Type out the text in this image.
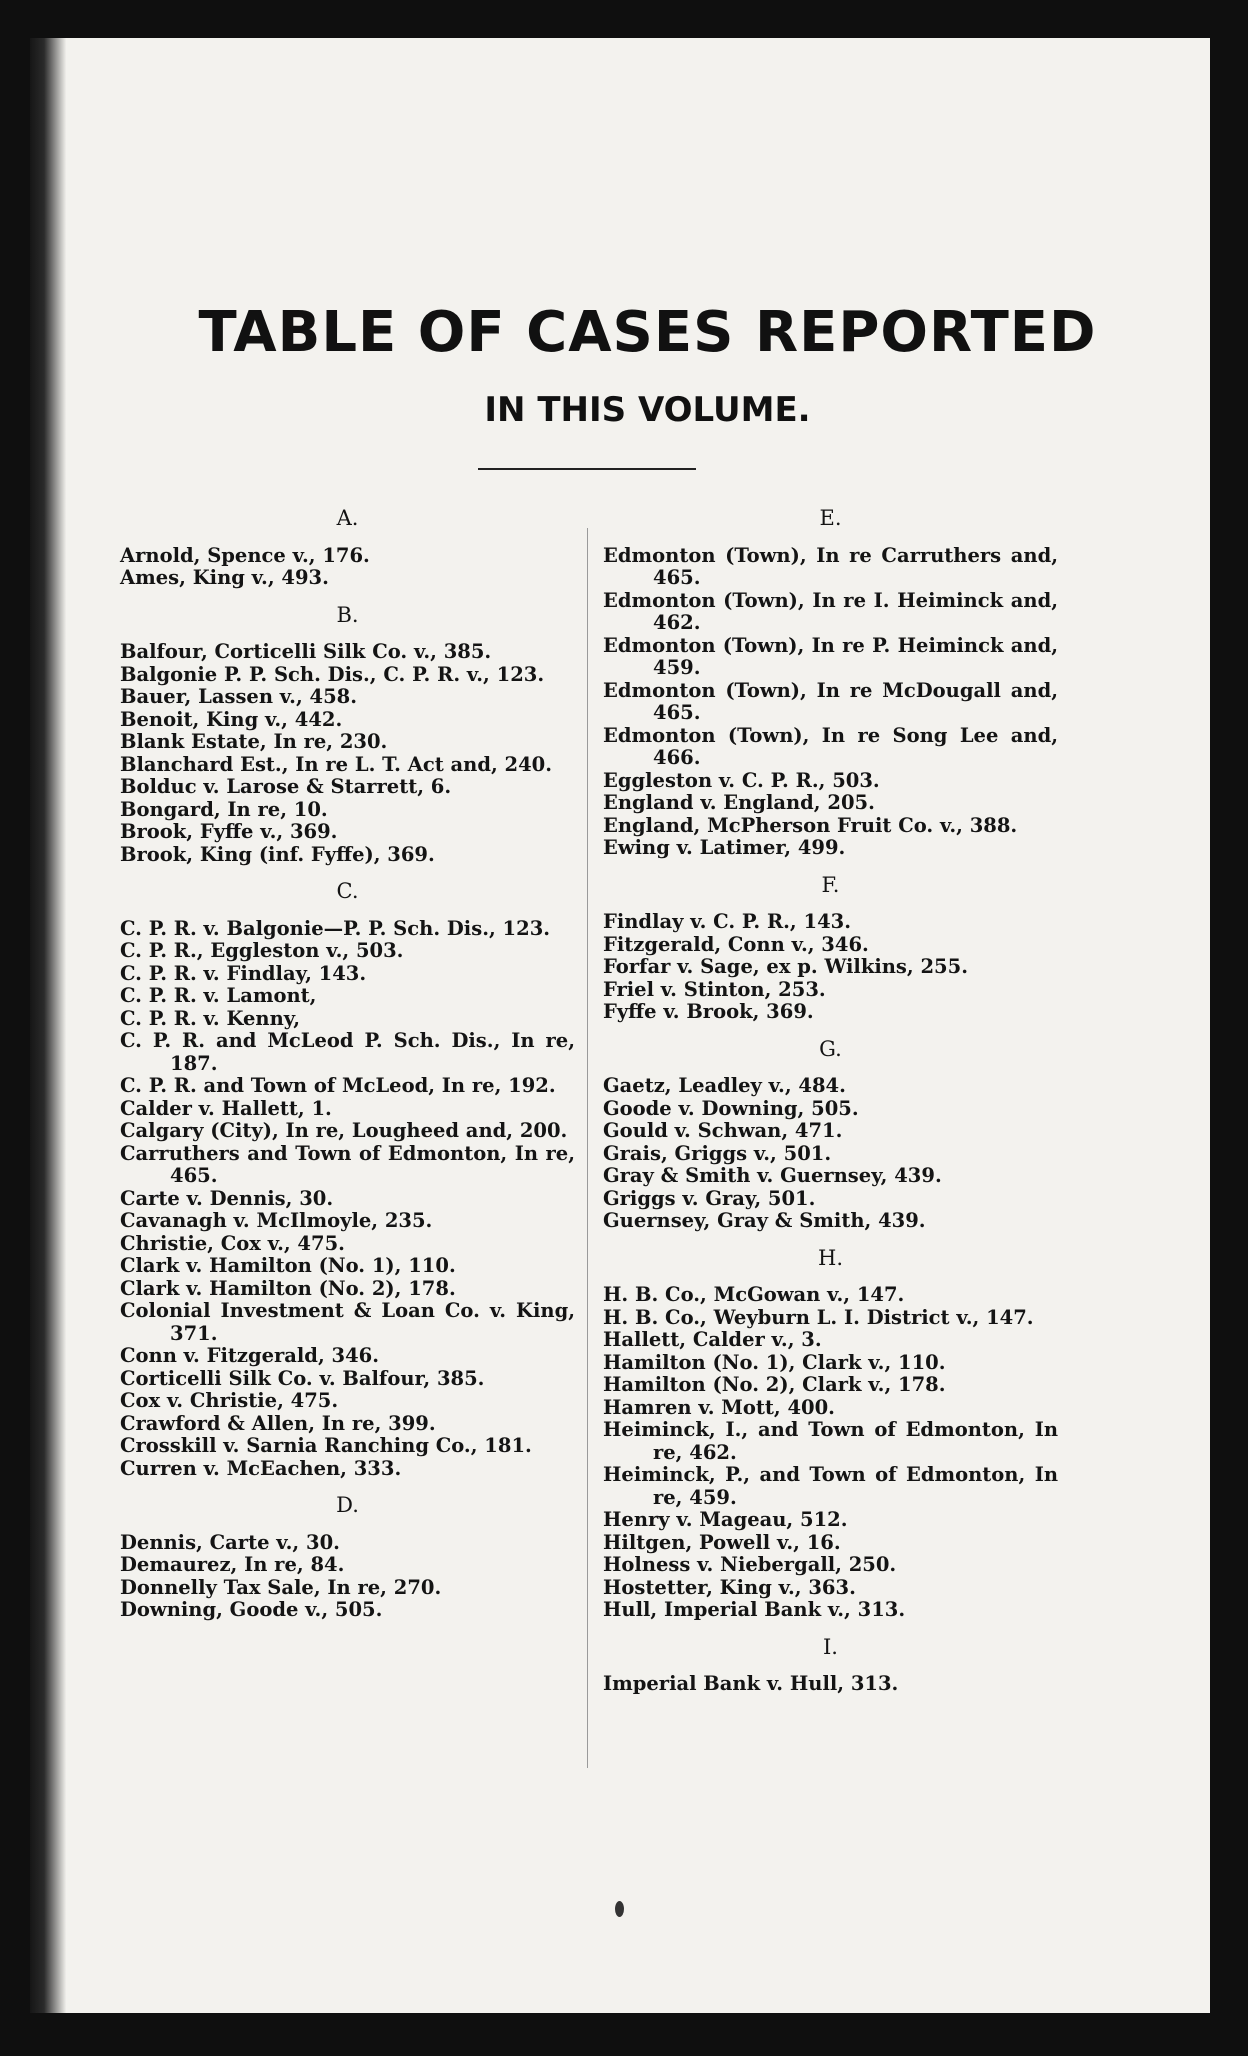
TABLE OF CASES REPORTED
IN THIS VOLUME.
A.
Arnold, Spence v., 176.
Ames, King v., 493.
B.
Balfour, Corticelli Silk Co. v., 385.
Balgonie P. P. Sch. Dis., C. P. R. v., 123.
Bauer, Lassen v., 458.
Benoit, King v., 442.
Blank Estate, In re, 230.
Blanchard Est., In re L. T. Act and, 240.
Bolduc v. Larose & Starrett, 6.
Bongard, In re, 10.
Brook, Fyffe v., 369.
Brook, King (inf. Fyffe), 369.
C.
C. P. R. v. Balgonie—P. P. Sch. Dis., 123.
C. P. R., Eggleston v., 503.
C. P. R. v. Findlay, 143.
C. P. R. v. Lamont,
C. P. R. v. Kenny,
C. P. R. and McLeod P. Sch. Dis., In re, 187.
C. P. R. and Town of McLeod, In re, 192.
Calder v. Hallett, 1.
Calgary (City), In re, Lougheed and, 200.
Carruthers and Town of Edmonton, In re, 465.
Carte v. Dennis, 30.
Cavanagh v. McIlmoyle, 235.
Christie, Cox v., 475.
Clark v. Hamilton (No. 1), 110.
Clark v. Hamilton (No. 2), 178.
Colonial Investment & Loan Co. v. King, 371.
Conn v. Fitzgerald, 346.
Corticelli Silk Co. v. Balfour, 385.
Cox v. Christie, 475.
Crawford & Allen, In re, 399.
Crosskill v. Sarnia Ranching Co., 181.
Curren v. McEachen, 333.
D.
Dennis, Carte v., 30.
Demaurez, In re, 84.
Donnelly Tax Sale, In re, 270.
Downing, Goode v., 505.
E.
Edmonton (Town), In re Carruthers and, 465.
Edmonton (Town), In re I. Heiminck and, 462.
Edmonton (Town), In re P. Heiminck and, 459.
Edmonton (Town), In re McDougall and, 465.
Edmonton (Town), In re Song Lee and, 466.
Eggleston v. C. P. R., 503.
England v. England, 205.
England, McPherson Fruit Co. v., 388.
Ewing v. Latimer, 499.
F.
Findlay v. C. P. R., 143.
Fitzgerald, Conn v., 346.
Forfar v. Sage, ex p. Wilkins, 255.
Friel v. Stinton, 253.
Fyffe v. Brook, 369.
G.
Gaetz, Leadley v., 484.
Goode v. Downing, 505.
Gould v. Schwan, 471.
Grais, Griggs v., 501.
Gray & Smith v. Guernsey, 439.
Griggs v. Gray, 501.
Guernsey, Gray & Smith, 439.
H.
H. B. Co., McGowan v., 147.
H. B. Co., Weyburn L. I. District v., 147.
Hallett, Calder v., 3.
Hamilton (No. 1), Clark v., 110.
Hamilton (No. 2), Clark v., 178.
Hamren v. Mott, 400.
Heiminck, I., and Town of Edmonton, In re, 462.
Heiminck, P., and Town of Edmonton, In re, 459.
Henry v. Mageau, 512.
Hiltgen, Powell v., 16.
Holness v. Niebergall, 250.
Hostetter, King v., 363.
Hull, Imperial Bank v., 313.
I.
Imperial Bank v. Hull, 313.
